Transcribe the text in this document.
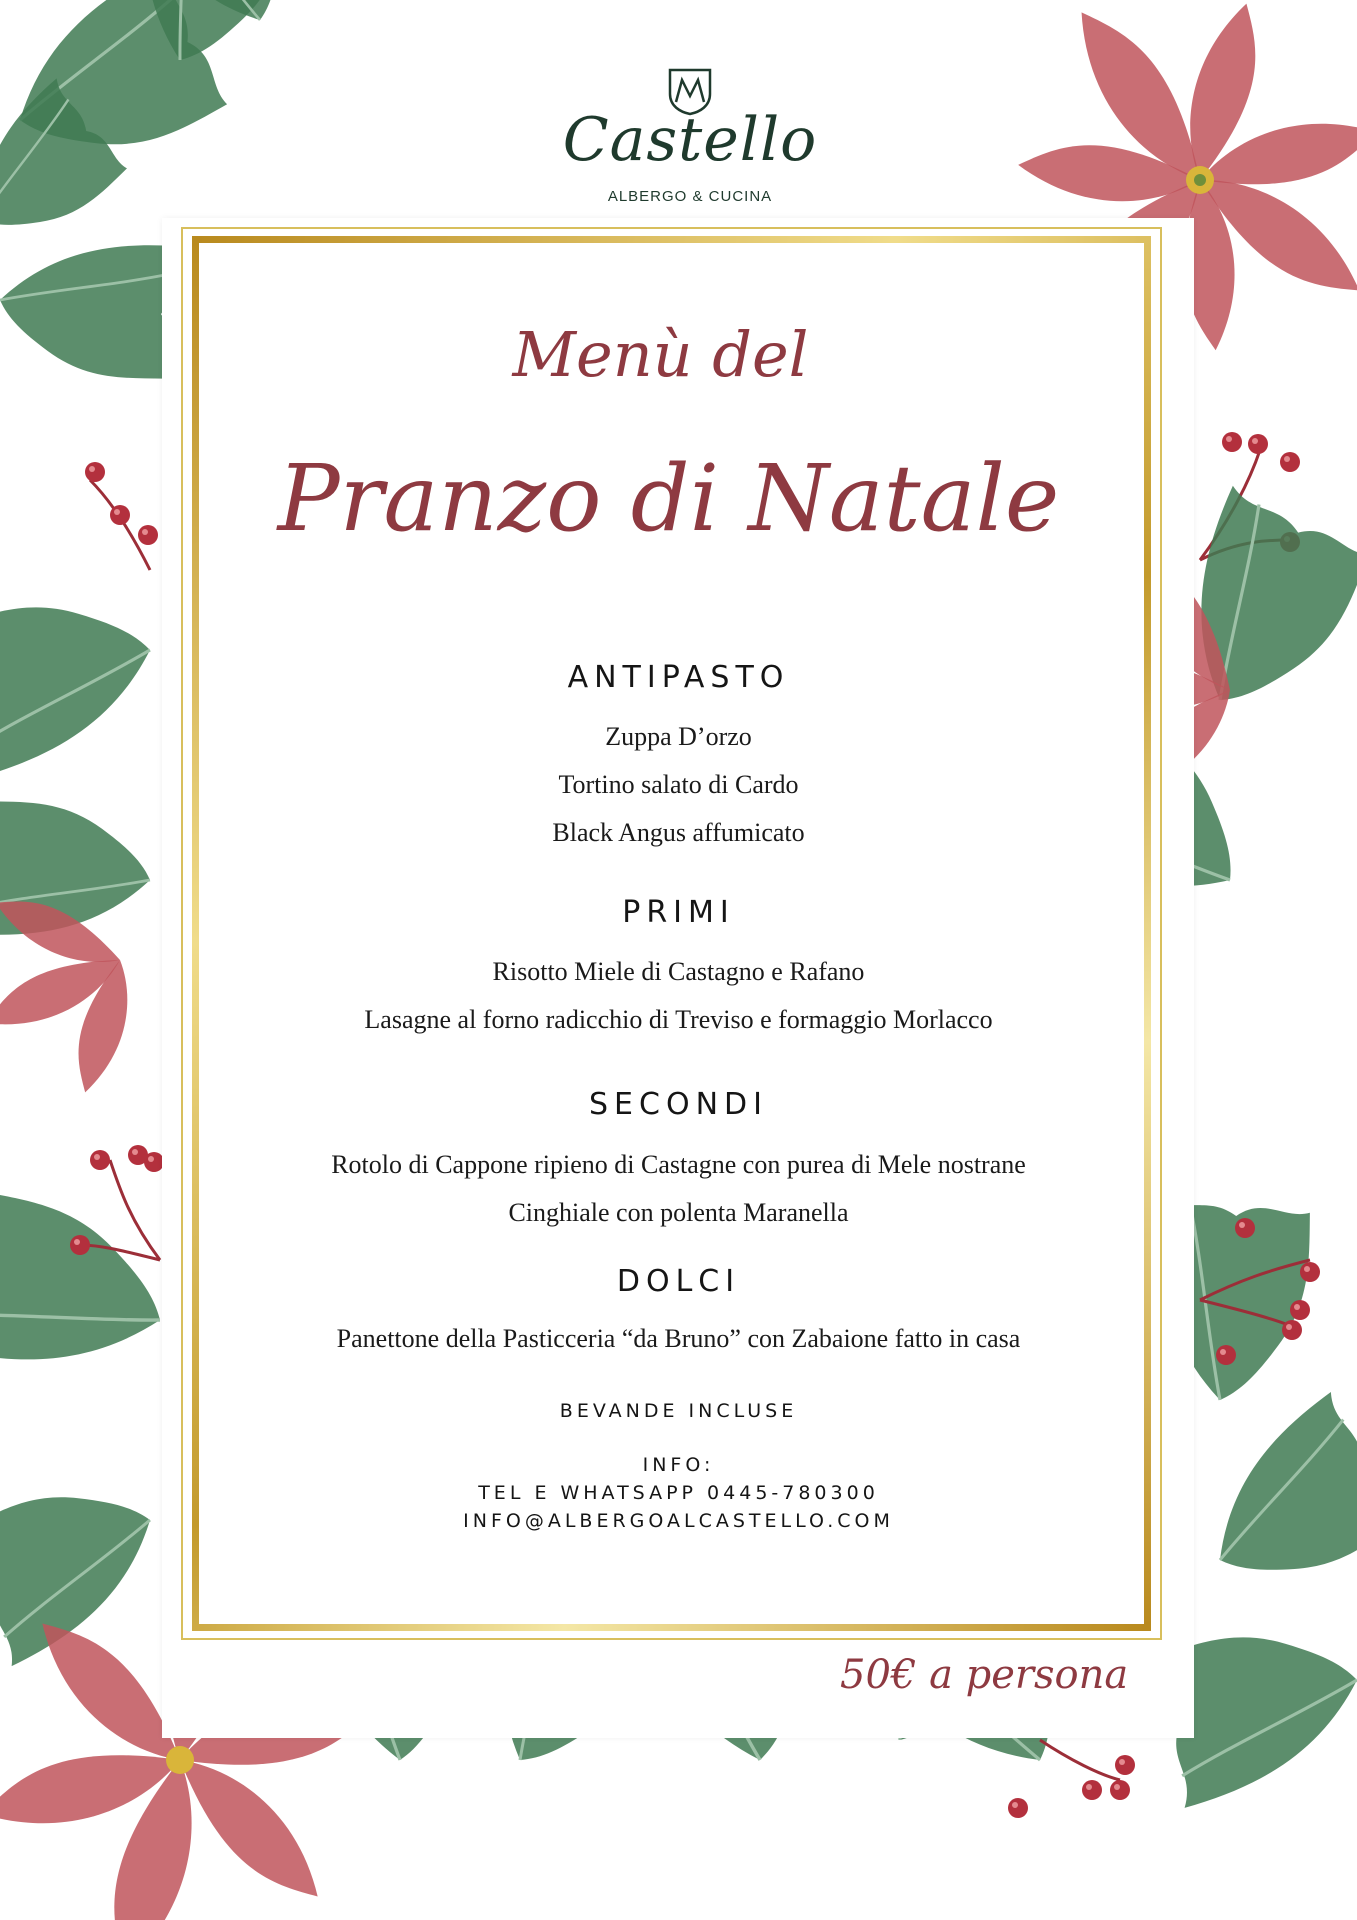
Castello
ALBERGO & CUCINA
Menù del
Pranzo di Natale
ANTIPASTO
Zuppa D’orzo
Tortino salato di Cardo
Black Angus affumicato
PRIMI
Risotto Miele di Castagno e Rafano
Lasagne al forno radicchio di Treviso e formaggio Morlacco
SECONDI
Rotolo di Cappone ripieno di Castagne con purea di Mele nostrane
Cinghiale con polenta Maranella
DOLCI
Panettone della Pasticceria “da Bruno” con Zabaione fatto in casa
BEVANDE INCLUSE
INFO:
TEL E WHATSAPP 0445-780300
INFO@ALBERGOALCASTELLO.COM
50€ a persona
